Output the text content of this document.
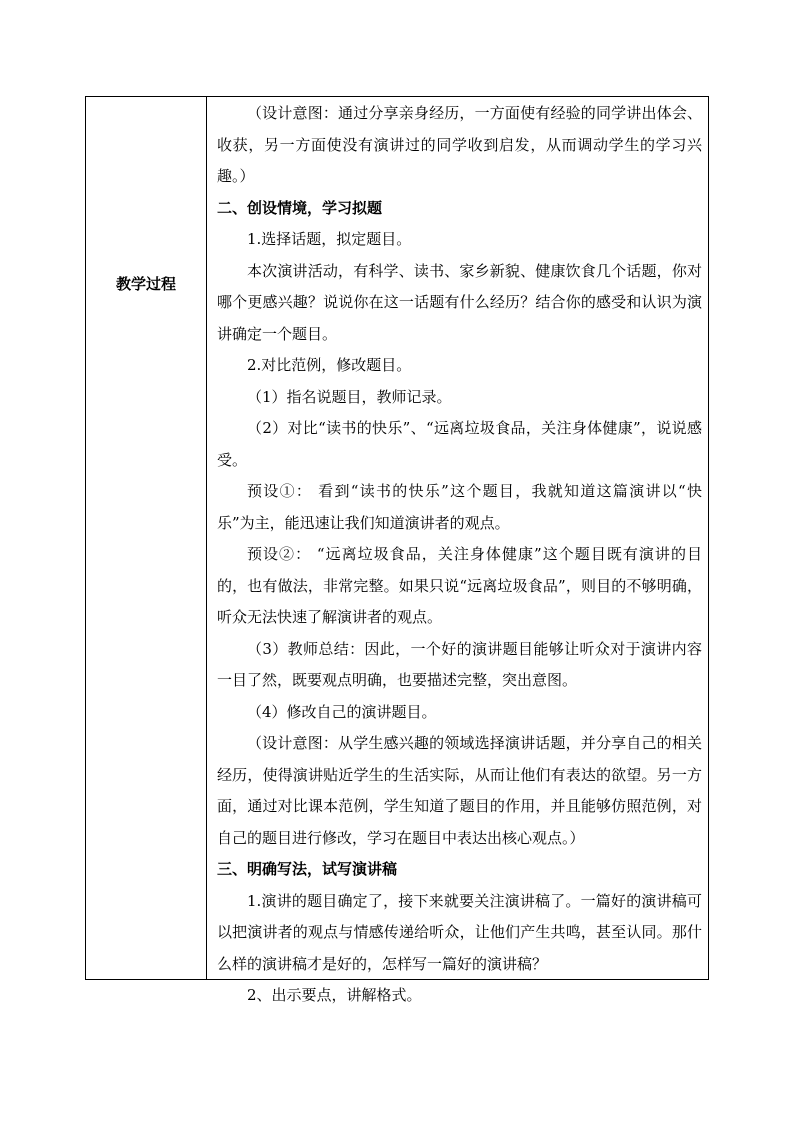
教学过程

（设计意图：通过分享亲身经历，一方面使有经验的同学讲出体会、收获，另一方面使没有演讲过的同学收到启发，从而调动学生的学习兴趣。）

二、创设情境，学习拟题

1.选择话题，拟定题目。

本次演讲活动，有科学、读书、家乡新貌、健康饮食几个话题，你对哪个更感兴趣？说说你在这一话题有什么经历？结合你的感受和认识为演讲确定一个题目。

2.对比范例，修改题目。

（1）指名说题目，教师记录。

（2）对比“读书的快乐”、“远离垃圾食品，关注身体健康”，说说感受。

预设①： 看到“读书的快乐”这个题目，我就知道这篇演讲以“快乐”为主，能迅速让我们知道演讲者的观点。

预设②： “远离垃圾食品，关注身体健康”这个题目既有演讲的目的，也有做法，非常完整。如果只说“远离垃圾食品”，则目的不够明确，听众无法快速了解演讲者的观点。

（3）教师总结：因此，一个好的演讲题目能够让听众对于演讲内容一目了然，既要观点明确，也要描述完整，突出意图。

（4）修改自己的演讲题目。

（设计意图：从学生感兴趣的领域选择演讲话题，并分享自己的相关经历，使得演讲贴近学生的生活实际，从而让他们有表达的欲望。另一方面，通过对比课本范例，学生知道了题目的作用，并且能够仿照范例，对自己的题目进行修改，学习在题目中表达出核心观点。）

三、明确写法，试写演讲稿

1.演讲的题目确定了，接下来就要关注演讲稿了。一篇好的演讲稿可以把演讲者的观点与情感传递给听众，让他们产生共鸣，甚至认同。那什么样的演讲稿才是好的，怎样写一篇好的演讲稿？

2、出示要点，讲解格式。
